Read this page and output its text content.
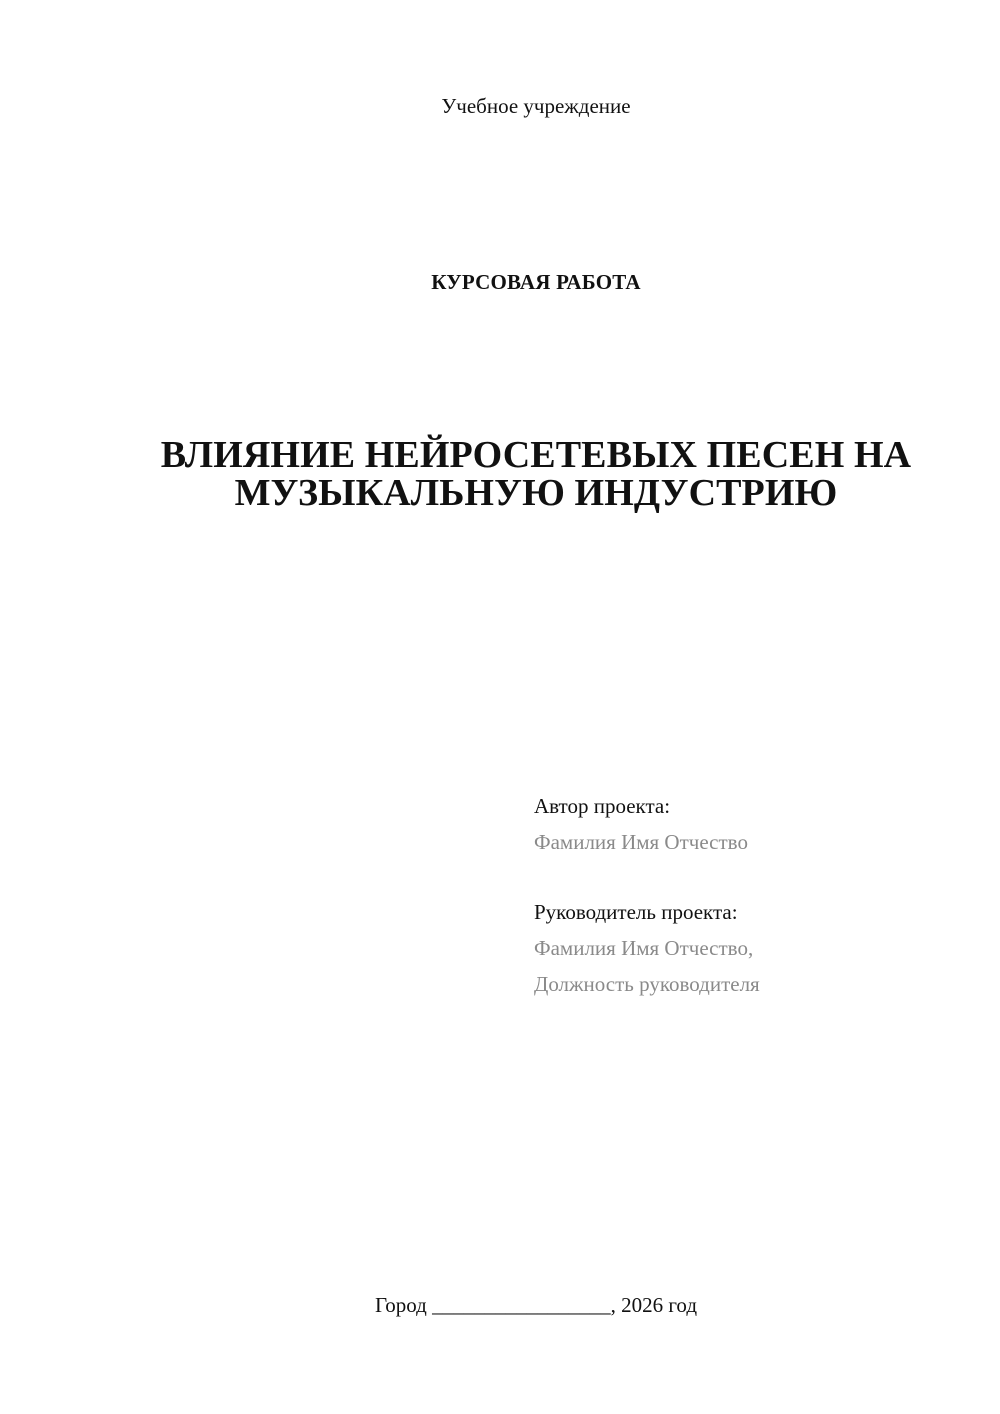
Учебное учреждение
КУРСОВАЯ РАБОТА
ВЛИЯНИЕ НЕЙРОСЕТЕВЫХ ПЕСЕН НА
МУЗЫКАЛЬНУЮ ИНДУСТРИЮ
Автор проекта:
Фамилия Имя Отчество
Руководитель проекта:
Фамилия Имя Отчество,
Должность руководителя
Город _________________, 2026 год
